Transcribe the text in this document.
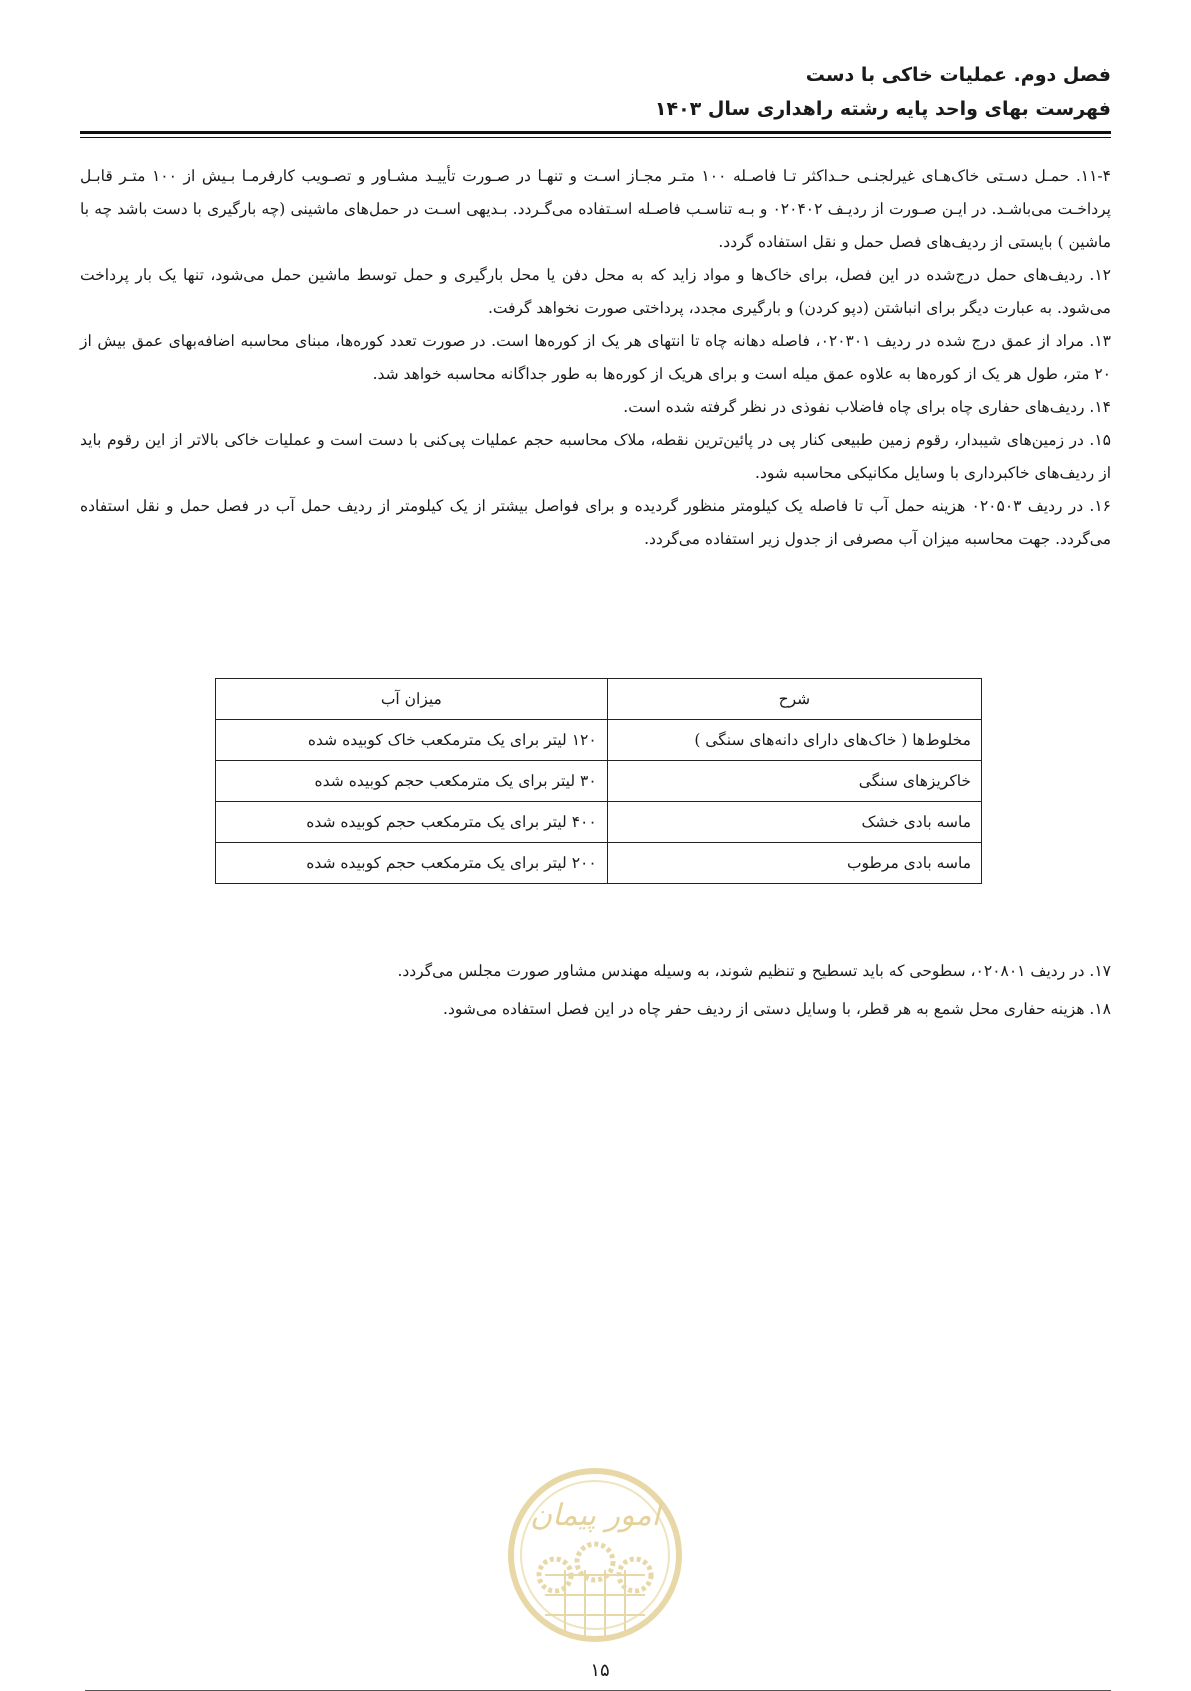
فصل دوم. عملیات خاکی با دست
فهرست بهای واحد پایه رشته راهداری سال ۱۴۰۳

۱۱-۴. حمـل دسـتی خاک‌هـای غیرلجنـی حـداکثر تـا فاصـله ۱۰۰ متـر مجـاز اسـت و تنهـا در صـورت تأییـد مشـاور و تصـویب کارفرمـا بـیش از ۱۰۰ متـر قابـل پرداخـت می‌باشـد. در ایـن صـورت از ردیـف ۰۲۰۴۰۲ و بـه تناسـب فاصـله اسـتفاده می‌گـردد. بـدیهی اسـت در حمل‌های ماشینی (چه بارگیری با دست باشد چه با ماشین ) بایستی از ردیف‌های فصل حمل و نقل استفاده گردد.

۱۲. ردیف‌های حمل درج‌شده در این فصل، برای خاک‌ها و مواد زاید که به محل دفن یا محل بارگیری و حمل توسط ماشین حمل می‌شود، تنها یک بار پرداخت می‌شود. به عبارت دیگر برای انباشتن (دپو کردن) و بارگیری مجدد، پرداختی صورت نخواهد گرفت.

۱۳. مراد از عمق درج شده در ردیف ۰۲۰۳۰۱، فاصله دهانه چاه تا انتهای هر یک از کوره‌ها است. در صورت تعدد کوره‌ها، مبنای محاسبه اضافه‌بهای عمق بیش از ۲۰ متر، طول هر یک از کوره‌ها به علاوه عمق میله است و برای هریک از کوره‌ها به طور جداگانه محاسبه خواهد شد.

۱۴. ردیف‌های حفاری چاه برای چاه فاضلاب نفوذی در نظر گرفته شده است.

۱۵. در زمین‌های شیبدار، رقوم زمین طبیعی کنار پی در پائین‌ترین نقطه، ملاک محاسبه حجم عملیات پی‌کنی با دست است و عملیات خاکی بالاتر از این رقوم باید از ردیف‌های خاکبرداری با وسایل مکانیکی محاسبه شود.

۱۶. در ردیف ۰۲۰۵۰۳ هزینه حمل آب تا فاصله یک کیلومتر منظور گردیده و برای فواصل بیشتر از یک کیلومتر از ردیف حمل آب در فصل حمل و نقل استفاده می‌گردد. جهت محاسبه میزان آب مصرفی از جدول زیر استفاده می‌گردد.

شرح	میزان آب
مخلوط‌ها ( خاک‌های دارای دانه‌های سنگی )	۱۲۰ لیتر برای یک مترمکعب خاک کوبیده شده
خاکریزهای سنگی	۳۰ لیتر برای یک مترمکعب حجم کوبیده شده
ماسه بادی خشک	۴۰۰ لیتر برای یک مترمکعب حجم کوبیده شده
ماسه بادی مرطوب	۲۰۰ لیتر برای یک مترمکعب حجم کوبیده شده

۱۷. در ردیف ۰۲۰۸۰۱، سطوحی که باید تسطیح و تنظیم شوند، به وسیله مهندس مشاور صورت مجلس می‌گردد.

۱۸. هزینه حفاری محل شمع به هر قطر، با وسایل دستی از ردیف حفر چاه در این فصل استفاده می‌شود.

امور پیمان
۱۵
